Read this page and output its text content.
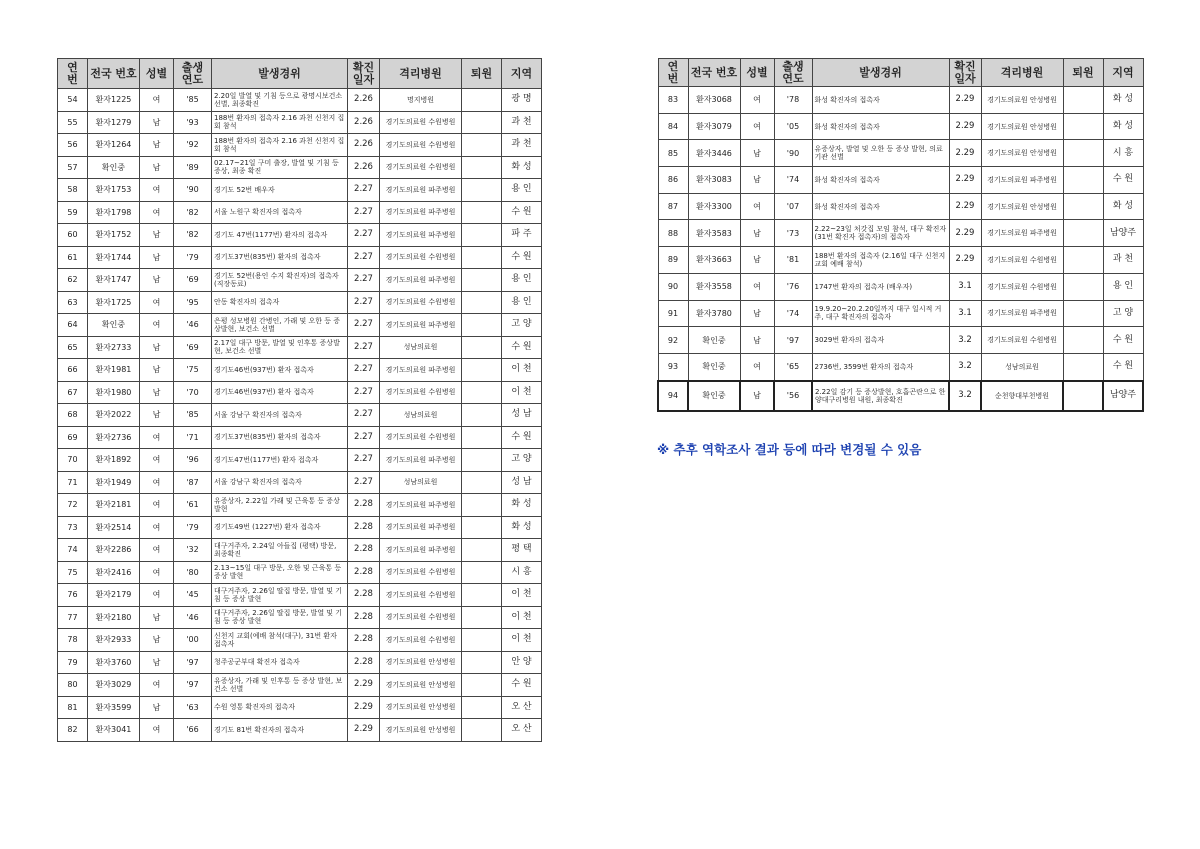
연 번	전국 번호	성별	출생 연도	발생경위	확진 일자	격리병원	퇴원	지역
54	환자1225	여	'85	2.20일 발열 및 기침 등으로 광명시보건소 선별, 최종확진	2.26	명지병원		광 명
55	환자1279	남	'93	188번 환자의 접촉자 2.16 과천 신천지 집회 참석	2.26	경기도의료원 수원병원		과 천
56	환자1264	남	'92	188번 환자의 접촉자 2.16 과천 신천지 집회 참석	2.26	경기도의료원 수원병원		과 천
57	확인중	남	'89	02.17~21일 구미 출장, 발열 및 기침 등 증상, 최종 확진	2.26	경기도의료원 수원병원		화 성
58	환자1753	여	'90	경기도 52번 배우자	2.27	경기도의료원 파주병원		용 인
59	환자1798	여	'82	서울 노원구 확진자의 접촉자	2.27	경기도의료원 파주병원		수 원
60	환자1752	남	'82	경기도 47번(1177번) 환자의 접촉자	2.27	경기도의료원 파주병원		파 주
61	환자1744	남	'79	경기도37번(835번) 환자의 접촉자	2.27	경기도의료원 수원병원		수 원
62	환자1747	남	'69	경기도 52번(용인 수지 확진자)의 접촉자(직장동료)	2.27	경기도의료원 파주병원		용 인
63	환자1725	여	'95	안동 확진자의 접촉자	2.27	경기도의료원 수원병원		용 인
64	확인중	여	'46	은평 성모병원 간병인, 가래 및 오한 등 증상발현, 보건소 선별	2.27	경기도의료원 파주병원		고 양
65	환자2733	남	'69	2.17일 대구 방문, 발열 및 인후통 증상발현, 보건소 선별	2.27	성남의료원		수 원
66	환자1981	남	'75	경기도46번(937번) 환자 접촉자	2.27	경기도의료원 파주병원		이 천
67	환자1980	남	'70	경기도46번(937번) 환자 접촉자	2.27	경기도의료원 수원병원		이 천
68	환자2022	남	'85	서울 강남구 확진자의 접촉자	2.27	성남의료원		성 남
69	환자2736	여	'71	경기도37번(835번) 환자의 접촉자	2.27	경기도의료원 수원병원		수 원
70	환자1892	여	'96	경기도47번(1177번) 환자 접촉자	2.27	경기도의료원 파주병원		고 양
71	환자1949	여	'87	서울 강남구 확진자의 접촉자	2.27	성남의료원		성 남
72	환자2181	여	'61	유증상자, 2.22일 가래 및 근육통 등 증상발현	2.28	경기도의료원 파주병원		화 성
73	환자2514	여	'79	경기도49번 (1227번) 환자 접촉자	2.28	경기도의료원 파주병원		화 성
74	환자2286	여	'32	대구거주자, 2.24일 아들집 (평택) 방문, 최종확진	2.28	경기도의료원 파주병원		평 택
75	환자2416	여	'80	2.13~15일 대구 방문, 오한 및 근육통 등 증상 발현	2.28	경기도의료원 수원병원		시 흥
76	환자2179	여	'45	대구거주자, 2.26일 딸집 방문, 발열 및 기침 등 증상 발현	2.28	경기도의료원 수원병원		이 천
77	환자2180	남	'46	대구거주자, 2.26일 딸집 방문, 발열 및 기침 등 증상 발현	2.28	경기도의료원 수원병원		이 천
78	환자2933	남	'00	신천지 교회(예배 참석(대구), 31번 환자 접촉자	2.28	경기도의료원 수원병원		이 천
79	환자3760	남	'97	청주공군부대 확진자 접촉자	2.28	경기도의료원 안성병원		안 양
80	환자3029	여	'97	유증상자, 가래 및 인후통 등 증상 발현, 보건소 선별	2.29	경기도의료원 안성병원		수 원
81	환자3599	남	'63	수원 영통 확진자의 접촉자	2.29	경기도의료원 안성병원		오 산
82	환자3041	여	'66	경기도 81번 확진자의 접촉자	2.29	경기도의료원 안성병원		오 산
연 번	전국 번호	성별	출생 연도	발생경위	확진 일자	격리병원	퇴원	지역
83	환자3068	여	'78	화성 확진자의 접촉자	2.29	경기도의료원 안성병원		화 성
84	환자3079	여	'05	화성 확진자의 접촉자	2.29	경기도의료원 안성병원		화 성
85	환자3446	남	'90	유증상자, 발열 및 오한 등 증상 발현, 의료기관 선별	2.29	경기도의료원 안성병원		시 흥
86	환자3083	남	'74	화성 확진자의 접촉자	2.29	경기도의료원 파주병원		수 원
87	환자3300	여	'07	화성 확진자의 접촉자	2.29	경기도의료원 안성병원		화 성
88	환자3583	남	'73	2.22~23일 처갓집 모임 참석, 대구 확진자(31번 확진자 접촉자)의 접촉자	2.29	경기도의료원 파주병원		남양주
89	환자3663	남	'81	188번 환자의 접촉자 (2.16일 대구 신천지교회 예배 참석)	2.29	경기도의료원 수원병원		과 천
90	환자3558	여	'76	1747번 환자의 접촉자 (배우자)	3.1	경기도의료원 수원병원		용 인
91	환자3780	남	'74	19.9.20~20.2.20일까지 대구 일시적 거주, 대구 확진자의 접촉자	3.1	경기도의료원 파주병원		고 양
92	확인중	남	'97	3029번 환자의 접촉자	3.2	경기도의료원 수원병원		수 원
93	확인중	여	'65	2736번, 3599번 환자의 접촉자	3.2	성남의료원		수 원
94	확인중	남	'56	2.22일 감기 등 증상발현, 호흡곤란으로 한양대구리병원 내원, 최종확진	3.2	순천향대부천병원		남양주
※ 추후 역학조사 결과 등에 따라 변경될 수 있음
